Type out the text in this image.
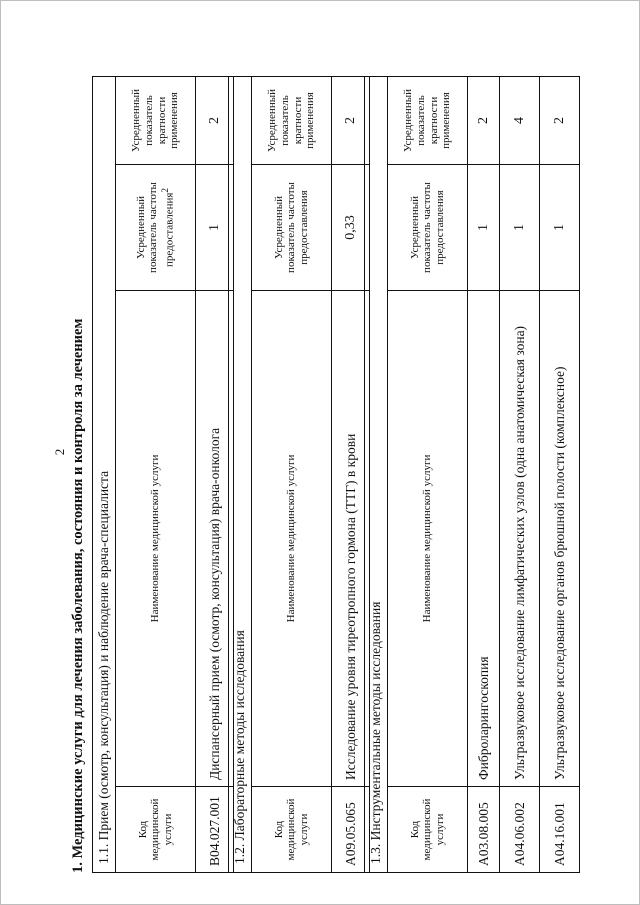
2 1. Медицинские услуги для лечения заболевания, состояния и контроля за лечением 1.1. Прием (осмотр, консультация) и наблюдение врача-специалиста			
Код медицинской услуги	Наименование медицинской услуги	Усредненный показатель частоты предоставления$^2$	Усредненный показатель кратности применения
В04.027.001	Диспансерный прием (осмотр, консультация) врача-онколога	1	2
1.2. Лабораторные методы исследования			
Код медицинской услуги	Наименование медицинской услуги	Усредненный показатель частоты предоставления	Усредненный показатель кратности применения
А09.05.065	Исследование уровня тиреотропного гормона (ТТГ) в крови	0,33	2
1.3. Инструментальные методы исследования			
Код медицинской услуги	Наименование медицинской услуги	Усредненный показатель частоты предоставления	Усредненный показатель кратности применения
А03.08.005	Фиброларингоскопия	1	2
А04.06.002	Ультразвуковое исследование лимфатических узлов (одна анатомическая зона)	1	4
А04.16.001	Ультразвуковое исследование органов брюшной полости (комплексное)	1	2
